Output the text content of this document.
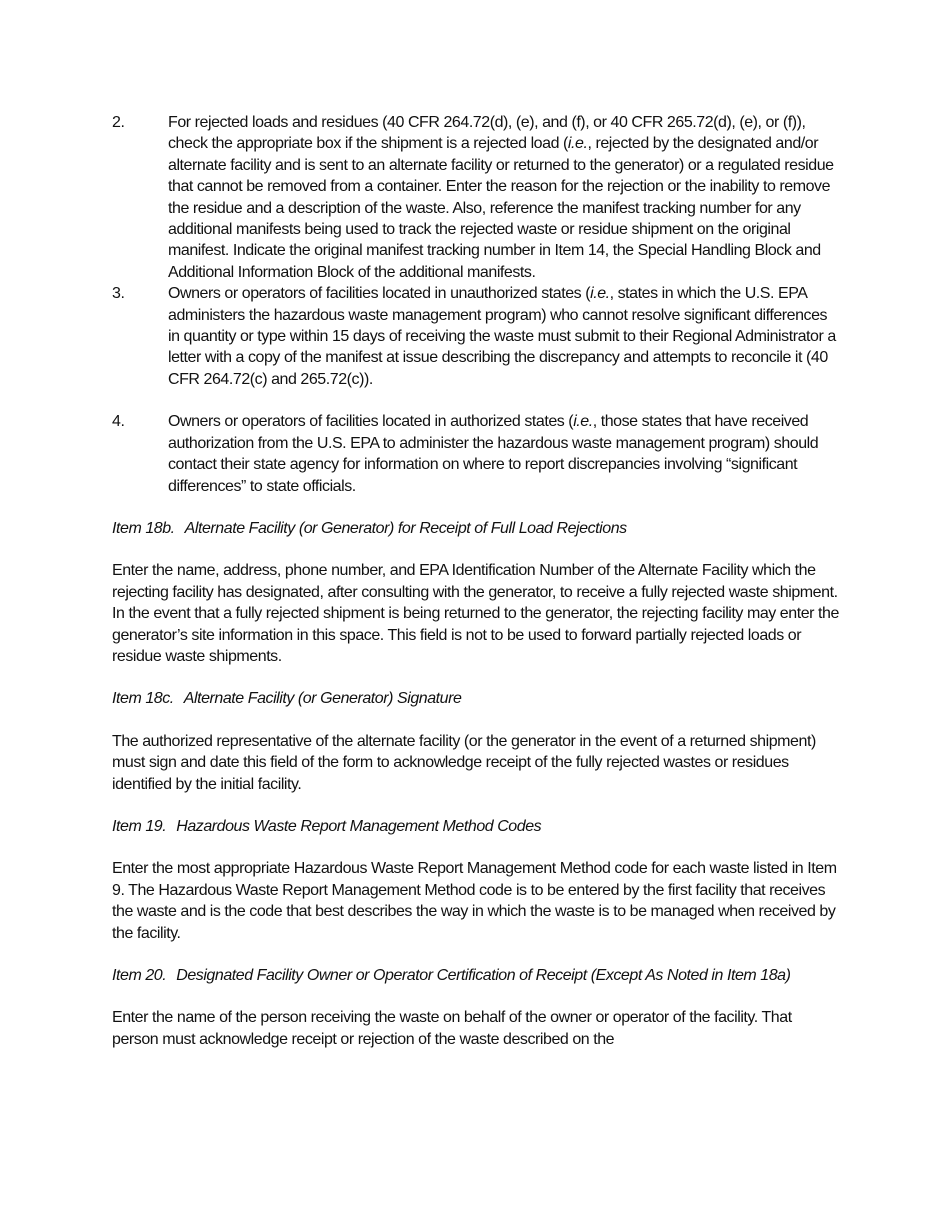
2.	For rejected loads and residues (40 CFR 264.72(d), (e), and (f), or 40 CFR 265.72(d), (e), or (f)), check the appropriate box if the shipment is a rejected load (i.e., rejected by the designated and/or alternate facility and is sent to an alternate facility or returned to the generator) or a regulated residue that cannot be removed from a container. Enter the reason for the rejection or the inability to remove the residue and a description of the waste. Also, reference the manifest tracking number for any additional manifests being used to track the rejected waste or residue shipment on the original manifest. Indicate the original manifest tracking number in Item 14, the Special Handling Block and Additional Information Block of the additional manifests.
3.	Owners or operators of facilities located in unauthorized states (i.e., states in which the U.S. EPA administers the hazardous waste management program) who cannot resolve significant differences in quantity or type within 15 days of receiving the waste must submit to their Regional Administrator a letter with a copy of the manifest at issue describing the discrepancy and attempts to reconcile it (40 CFR 264.72(c) and 265.72(c)).
4.	Owners or operators of facilities located in authorized states (i.e., those states that have received authorization from the U.S. EPA to administer the hazardous waste management program) should contact their state agency for information on where to report discrepancies involving “significant differences” to state officials.
Item 18b. Alternate Facility (or Generator) for Receipt of Full Load Rejections

Enter the name, address, phone number, and EPA Identification Number of the Alternate Facility which the rejecting facility has designated, after consulting with the generator, to receive a fully rejected waste shipment. In the event that a fully rejected shipment is being returned to the generator, the rejecting facility may enter the generator’s site information in this space. This field is not to be used to forward partially rejected loads or residue waste shipments.

Item 18c. Alternate Facility (or Generator) Signature

The authorized representative of the alternate facility (or the generator in the event of a returned shipment) must sign and date this field of the form to acknowledge receipt of the fully rejected wastes or residues identified by the initial facility.

Item 19. Hazardous Waste Report Management Method Codes

Enter the most appropriate Hazardous Waste Report Management Method code for each waste listed in Item 9. The Hazardous Waste Report Management Method code is to be entered by the first facility that receives the waste and is the code that best describes the way in which the waste is to be managed when received by the facility.

Item 20. Designated Facility Owner or Operator Certification of Receipt (Except As Noted in Item 18a)

Enter the name of the person receiving the waste on behalf of the owner or operator of the facility. That person must acknowledge receipt or rejection of the waste described on the
